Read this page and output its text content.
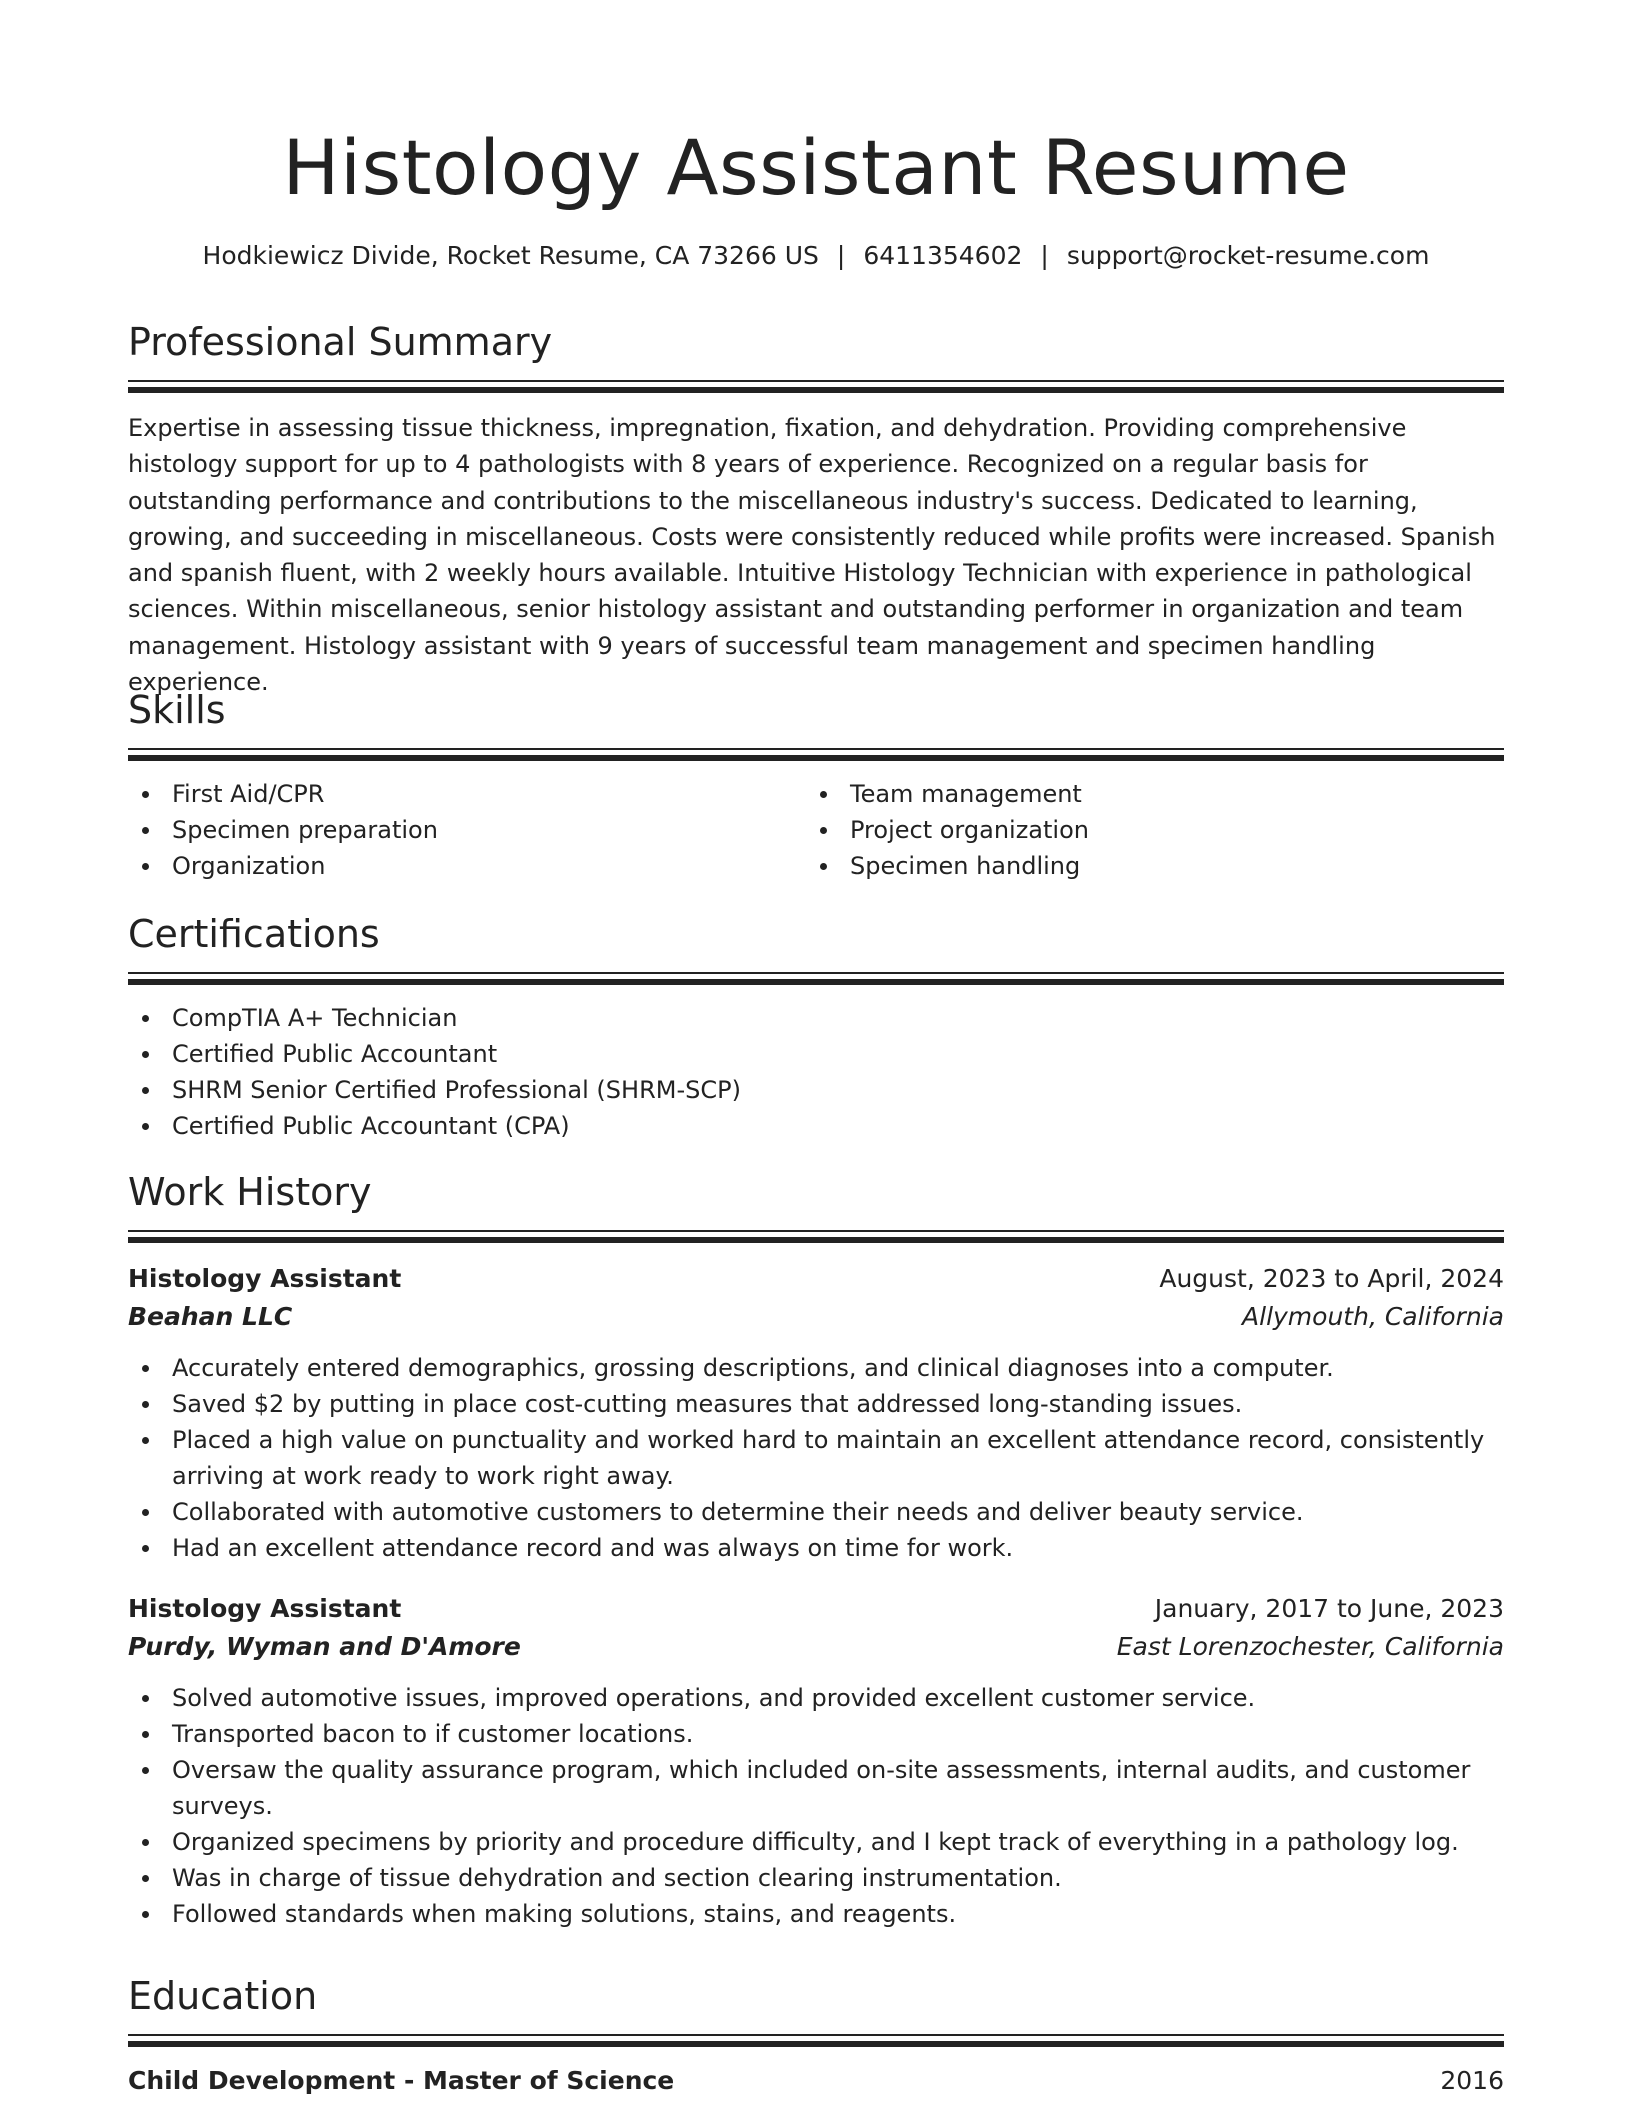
Histology Assistant Resume
Hodkiewicz Divide, Rocket Resume, CA 73266 US | 6411354602 | support@rocket-resume.com
Professional Summary

Expertise in assessing tissue thickness, impregnation, fixation, and dehydration. Providing comprehensive histology support for up to 4 pathologists with 8 years of experience. Recognized on a regular basis for outstanding performance and contributions to the miscellaneous industry's success. Dedicated to learning, growing, and succeeding in miscellaneous. Costs were consistently reduced while profits were increased. Spanish and spanish fluent, with 2 weekly hours available. Intuitive Histology Technician with experience in pathological sciences. Within miscellaneous, senior histology assistant and outstanding performer in organization and team management. Histology assistant with 9 years of successful team management and specimen handling experience.

Skills
First Aid/CPR
Specimen preparation
Organization
Team management
Project organization
Specimen handling
Certifications
CompTIA A+ Technician
Certified Public Accountant
SHRM Senior Certified Professional (SHRM-SCP)
Certified Public Accountant (CPA)
Work History
Histology Assistant	August, 2023 to April, 2024
Beahan LLC	Allymouth, California
Accurately entered demographics, grossing descriptions, and clinical diagnoses into a computer.
Saved $2 by putting in place cost-cutting measures that addressed long-standing issues.
Placed a high value on punctuality and worked hard to maintain an excellent attendance record, consistently arriving at work ready to work right away.
Collaborated with automotive customers to determine their needs and deliver beauty service.
Had an excellent attendance record and was always on time for work.
Histology Assistant	January, 2017 to June, 2023
Purdy, Wyman and D'Amore	East Lorenzochester, California
Solved automotive issues, improved operations, and provided excellent customer service.
Transported bacon to if customer locations.
Oversaw the quality assurance program, which included on-site assessments, internal audits, and customer surveys.
Organized specimens by priority and procedure difficulty, and I kept track of everything in a pathology log.
Was in charge of tissue dehydration and section clearing instrumentation.
Followed standards when making solutions, stains, and reagents.
Education
Child Development - Master of Science	2016
